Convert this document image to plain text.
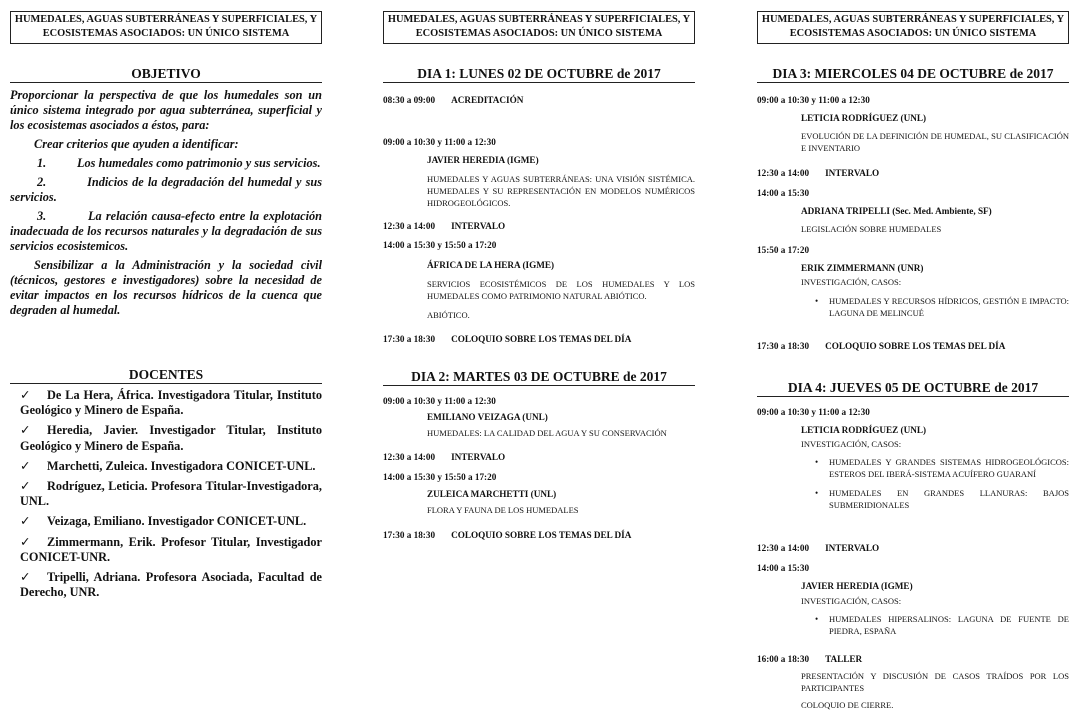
HUMEDALES, AGUAS SUBTERRÁNEAS Y SUPERFICIALES, Y
ECOSISTEMAS ASOCIADOS: UN ÚNICO SISTEMA
OBJETIVO

Proporcionar la perspectiva de que los humedales son un único sistema integrado por agua subterránea, superficial y los ecosistemas asociados a éstos, para:

Crear criterios que ayuden a identificar:

1.          Los humedales como patrimonio y sus servicios.

2.          Indicios de la degradación del humedal y sus servicios.

3.          La relación causa-efecto entre la explotación inadecuada de los recursos naturales y la degradación de sus servicios ecosistemicos.

Sensibilizar a la Administración y la sociedad civil (técnicos, gestores e investigadores) sobre la necesidad de evitar impactos en los recursos hídricos de la cuenca que degraden al humedal.

DOCENTES
✓ De La Hera, África. Investigadora Titular, Instituto Geológico y Minero de España.
✓ Heredia, Javier. Investigador Titular, Instituto Geológico y Minero de España.
✓ Marchetti, Zuleica. Investigadora CONICET-UNL.
✓ Rodríguez, Leticia. Profesora Titular-Investigadora, UNL.
✓ Veizaga, Emiliano. Investigador CONICET-UNL.
✓ Zimmermann, Erik. Profesor Titular, Investigador CONICET-UNR.
✓ Tripelli, Adriana. Profesora Asociada, Facultad de Derecho, UNR.
HUMEDALES, AGUAS SUBTERRÁNEAS Y SUPERFICIALES, Y
ECOSISTEMAS ASOCIADOS: UN ÚNICO SISTEMA
DIA 1: LUNES 02 DE OCTUBRE de 2017
08:30 a 09:00 ACREDITACIÓN
09:00 a 10:30 y 11:00 a 12:30
JAVIER HEREDIA (IGME)
HUMEDALES Y AGUAS SUBTERRÁNEAS: UNA VISIÓN SISTÉMICA. HUMEDALES Y SU REPRESENTACIÓN EN MODELOS NUMÉRICOS HIDROGEOLÓGICOS.
12:30 a 14:00 INTERVALO
14:00 a 15:30 y 15:50 a 17:20
ÁFRICA DE LA HERA (IGME)
SERVICIOS ECOSISTÉMICOS DE LOS HUMEDALES Y LOS HUMEDALES COMO PATRIMONIO NATURAL ABIÓTICO.
ABIÓTICO.
17:30 a 18:30 COLOQUIO SOBRE LOS TEMAS DEL DÍA
DIA 2: MARTES 03 DE OCTUBRE de 2017
09:00 a 10:30 y 11:00 a 12:30
EMILIANO VEIZAGA (UNL)
HUMEDALES: LA CALIDAD DEL AGUA Y SU CONSERVACIÓN
12:30 a 14:00 INTERVALO
14:00 a 15:30 y 15:50 a 17:20
ZULEICA MARCHETTI (UNL)
FLORA Y FAUNA DE LOS HUMEDALES
17:30 a 18:30 COLOQUIO SOBRE LOS TEMAS DEL DÍA
HUMEDALES, AGUAS SUBTERRÁNEAS Y SUPERFICIALES, Y
ECOSISTEMAS ASOCIADOS: UN ÚNICO SISTEMA
DIA 3: MIERCOLES 04 DE OCTUBRE de 2017
09:00 a 10:30 y 11:00 a 12:30
LETICIA RODRÍGUEZ (UNL)
EVOLUCIÓN DE LA DEFINICIÓN DE HUMEDAL, SU CLASIFICACIÓN E INVENTARIO
12:30 a 14:00 INTERVALO
14:00 a 15:30
ADRIANA TRIPELLI (Sec. Med. Ambiente, SF)
LEGISLACIÓN SOBRE HUMEDALES
15:50 a 17:20
ERIK ZIMMERMANN (UNR)
INVESTIGACIÓN, CASOS:
• HUMEDALES Y RECURSOS HÍDRICOS, GESTIÓN E IMPACTO: LAGUNA DE MELINCUÉ
17:30 a 18:30 COLOQUIO SOBRE LOS TEMAS DEL DÍA
DIA 4: JUEVES 05 DE OCTUBRE de 2017
09:00 a 10:30 y 11:00 a 12:30
LETICIA RODRÍGUEZ (UNL)
INVESTIGACIÓN, CASOS:
• HUMEDALES Y GRANDES SISTEMAS HIDROGEOLÓGICOS: ESTEROS DEL IBERÁ-SISTEMA ACUÍFERO GUARANÍ
• HUMEDALES EN GRANDES LLANURAS: BAJOS SUBMERIDIONALES
12:30 a 14:00 INTERVALO
14:00 a 15:30
JAVIER HEREDIA (IGME)
INVESTIGACIÓN, CASOS:
• HUMEDALES HIPERSALINOS: LAGUNA DE FUENTE DE PIEDRA, ESPAÑA
16:00 a 18:30 TALLER
PRESENTACIÓN Y DISCUSIÓN DE CASOS TRAÍDOS POR LOS PARTICIPANTES
COLOQUIO DE CIERRE.
